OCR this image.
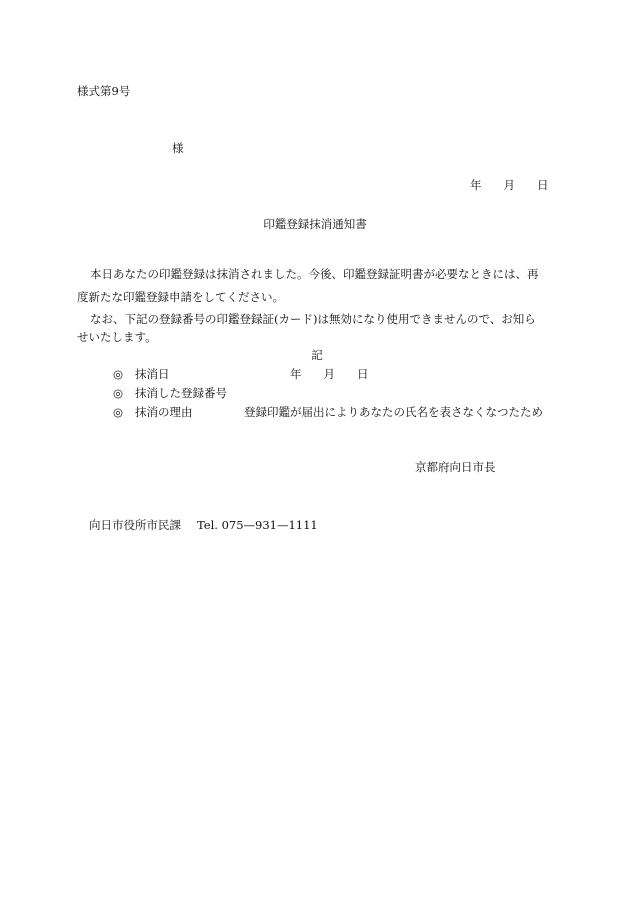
様式第9号
様
年 月 日
印鑑登録抹消通知書
本日あなたの印鑑登録は抹消されました。今後、印鑑登録証明書が必要なときには、再
度新たな印鑑登録申請をしてください。
なお、下記の登録番号の印鑑登録証(カード)は無効になり使用できませんので、お知ら
せいたします。
記
◎ 抹消日	年 月 日
◎ 抹消した登録番号
◎ 抹消の理由	登録印鑑が届出によりあなたの氏名を表さなくなつたため
京都府向日市長
向日市役所市民課 Tel. 075—931—1111
